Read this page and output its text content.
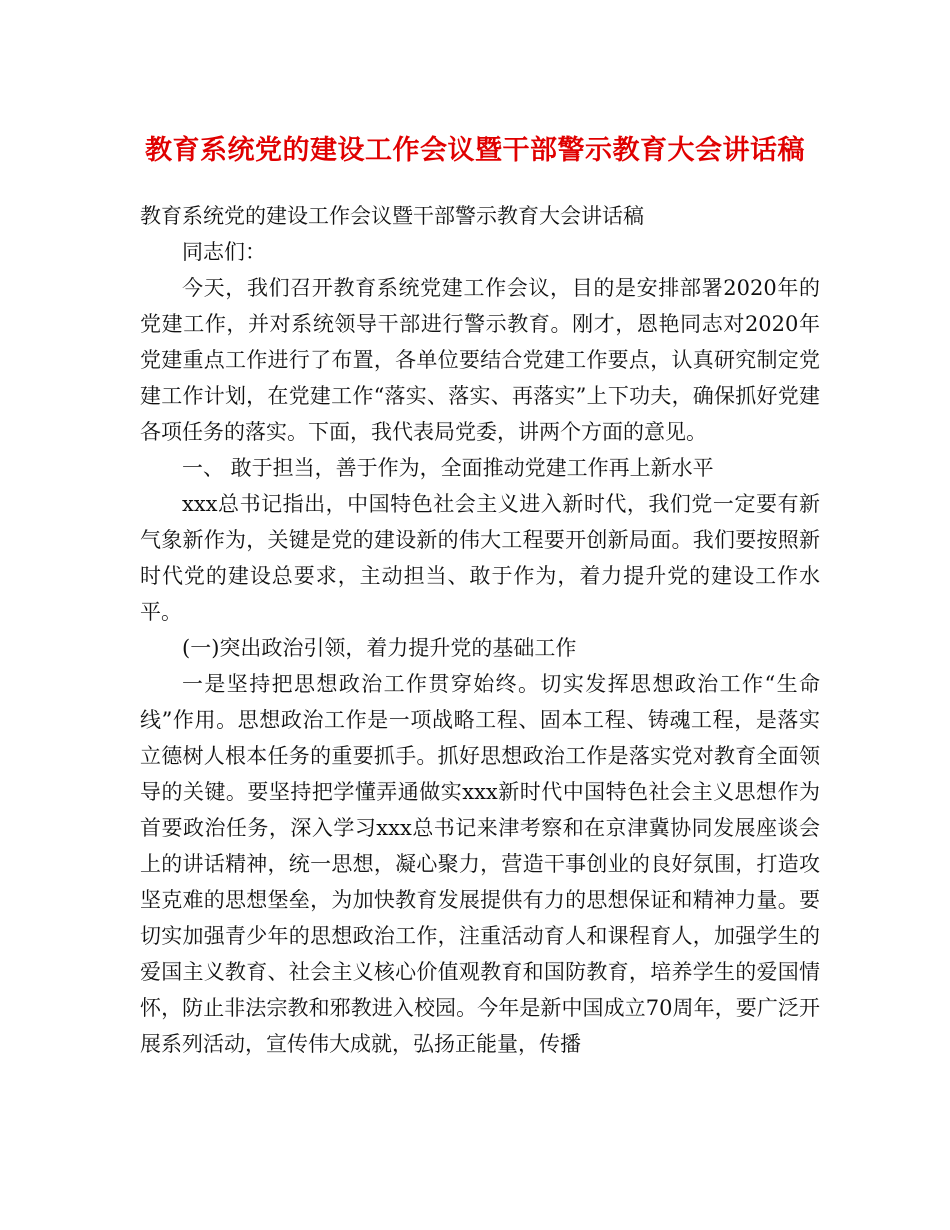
教育系统党的建设工作会议暨干部警示教育大会讲话稿

教育系统党的建设工作会议暨干部警示教育大会讲话稿

同志们：

今天，我们召开教育系统党建工作会议，目的是安排部署2020年的党建工作，并对系统领导干部进行警示教育。刚才，恩艳同志对2020年党建重点工作进行了布置，各单位要结合党建工作要点，认真研究制定党建工作计划，在党建工作“落实、落实、再落实”上下功夫，确保抓好党建各项任务的落实。下面，我代表局党委，讲两个方面的意见。

一、 敢于担当，善于作为，全面推动党建工作再上新水平

xxx总书记指出，中国特色社会主义进入新时代，我们党一定要有新气象新作为，关键是党的建设新的伟大工程要开创新局面。我们要按照新时代党的建设总要求，主动担当、敢于作为，着力提升党的建设工作水平。

(一)突出政治引领，着力提升党的基础工作

一是坚持把思想政治工作贯穿始终。切实发挥思想政治工作“生命线”作用。思想政治工作是一项战略工程、固本工程、铸魂工程，是落实立德树人根本任务的重要抓手。抓好思想政治工作是落实党对教育全面领导的关键。要坚持把学懂弄通做实xxx新时代中国特色社会主义思想作为首要政治任务，深入学习xxx总书记来津考察和在京津冀协同发展座谈会上的讲话精神，统一思想，凝心聚力，营造干事创业的良好氛围，打造攻坚克难的思想堡垒，为加快教育发展提供有力的思想保证和精神力量。要切实加强青少年的思想政治工作，注重活动育人和课程育人，加强学生的爱国主义教育、社会主义核心价值观教育和国防教育，培养学生的爱国情怀，防止非法宗教和邪教进入校园。今年是新中国成立70周年，要广泛开展系列活动，宣传伟大成就，弘扬正能量，传播
